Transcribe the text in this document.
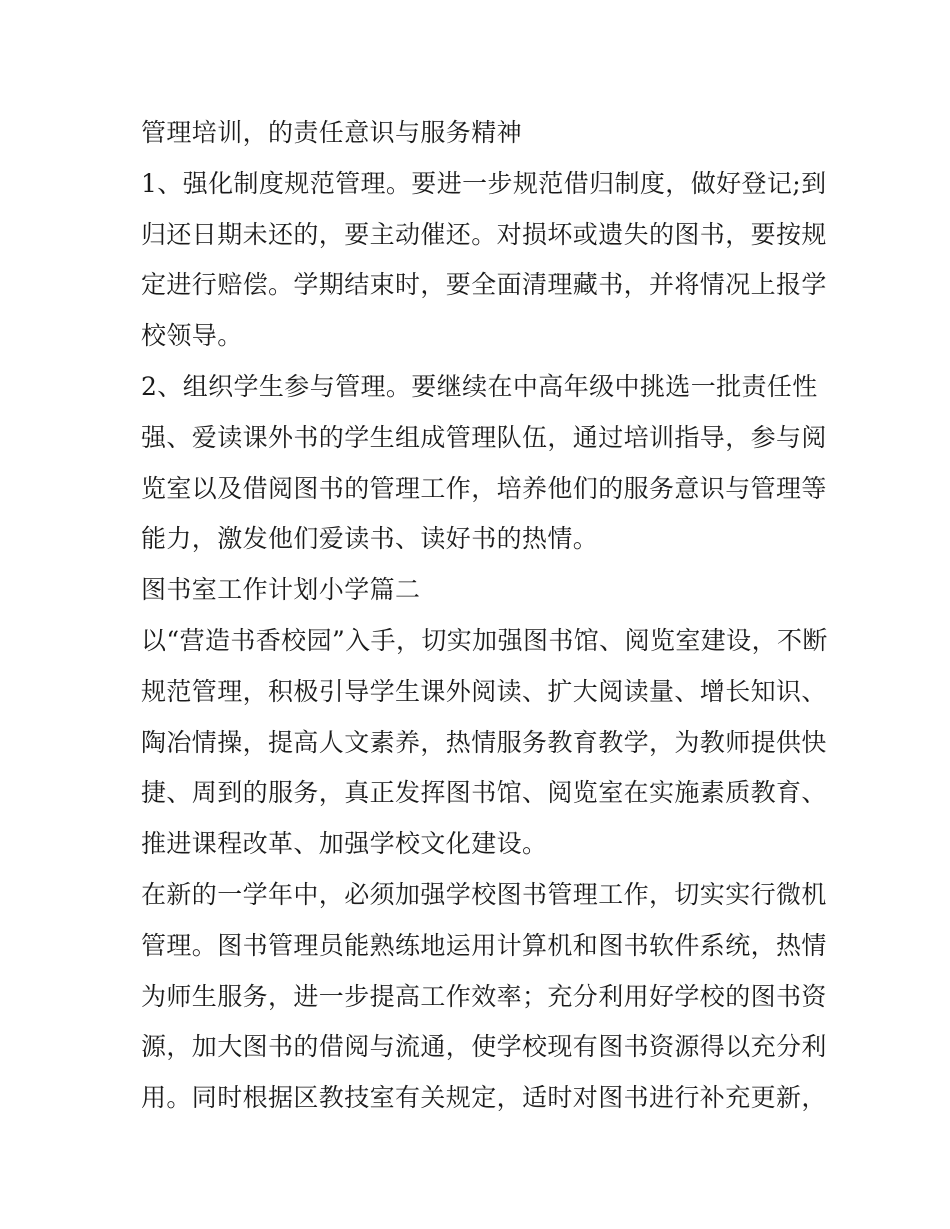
管理培训，的责任意识与服务精神
1、强化制度规范管理。要进一步规范借归制度，做好登记;到
归还日期未还的，要主动催还。对损坏或遗失的图书，要按规
定进行赔偿。学期结束时，要全面清理藏书，并将情况上报学
校领导。
2、组织学生参与管理。要继续在中高年级中挑选一批责任性
强、爱读课外书的学生组成管理队伍，通过培训指导，参与阅
览室以及借阅图书的管理工作，培养他们的服务意识与管理等
能力，激发他们爱读书、读好书的热情。
图书室工作计划小学篇二
以“营造书香校园”入手，切实加强图书馆、阅览室建设，不断
规范管理，积极引导学生课外阅读、扩大阅读量、增长知识、
陶冶情操，提高人文素养，热情服务教育教学，为教师提供快
捷、周到的服务，真正发挥图书馆、阅览室在实施素质教育、
推进课程改革、加强学校文化建设。
在新的一学年中，必须加强学校图书管理工作，切实实行微机
管理。图书管理员能熟练地运用计算机和图书软件系统，热情
为师生服务，进一步提高工作效率；充分利用好学校的图书资
源，加大图书的借阅与流通，使学校现有图书资源得以充分利
用。同时根据区教技室有关规定，适时对图书进行补充更新，
